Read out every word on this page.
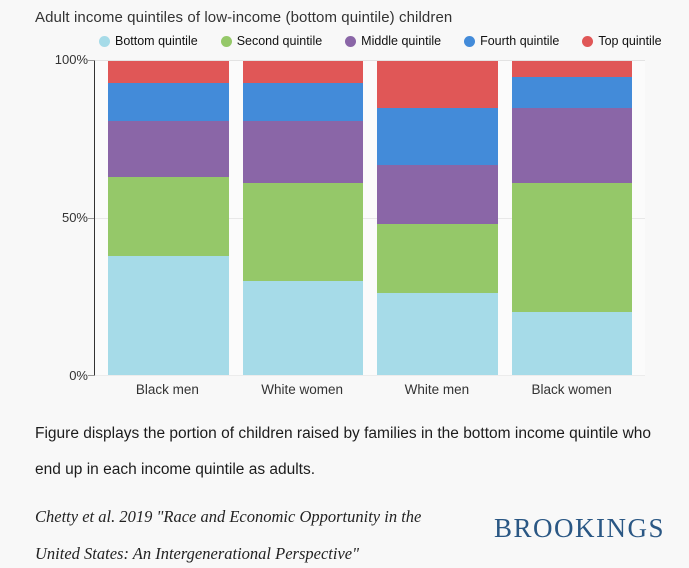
Adult income quintiles of low-income (bottom quintile) children
Bottom quintile	Second quintile	Middle quintile	Fourth quintile	Top quintile
100%
50%
0%
Black men	White women	White men	Black women
Figure displays the portion of children raised by families in the bottom income quintile who end up in each income quintile as adults.
Chetty et al. 2019 "Race and Economic Opportunity in the United States: An Intergenerational Perspective"
BROOKINGS
